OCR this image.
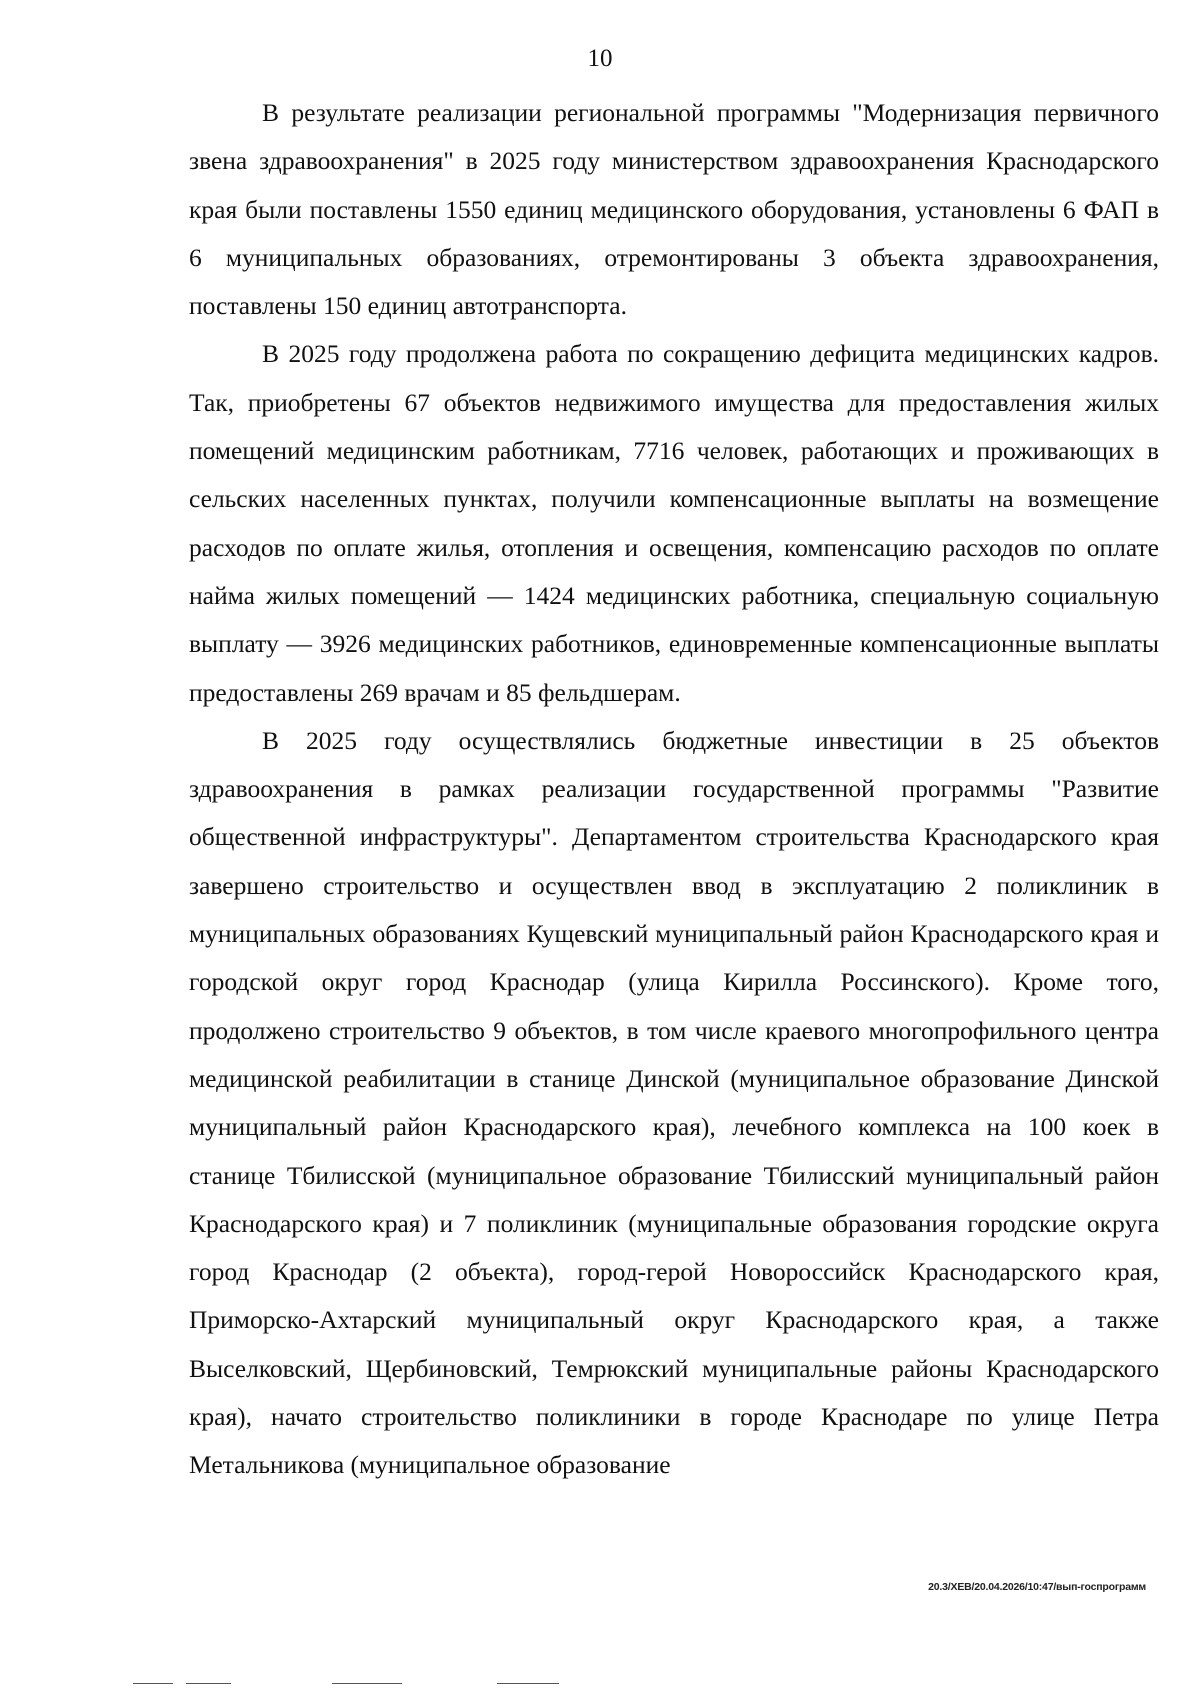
10

В результате реализации региональной программы "Модернизация первичного звена здравоохранения" в 2025 году министерством здравоохранения Краснодарского края были поставлены 1550 единиц медицинского оборудования, установлены 6 ФАП в 6 муниципальных образованиях, отремонтированы 3 объекта здравоохранения, поставлены 150 единиц автотранспорта.

В 2025 году продолжена работа по сокращению дефицита медицинских кадров. Так, приобретены 67 объектов недвижимого имущества для предоставления жилых помещений медицинским работникам, 7716 человек, работающих и проживающих в сельских населенных пунктах, получили компенсационные выплаты на возмещение расходов по оплате жилья, отопления и освещения, компенсацию расходов по оплате найма жилых помещений — 1424 медицинских работника, специальную социальную выплату — 3926 медицинских работников, единовременные компенсационные выплаты предоставлены 269 врачам и 85 фельдшерам.

В 2025 году осуществлялись бюджетные инвестиции в 25 объектов здравоохранения в рамках реализации государственной программы "Развитие общественной инфраструктуры". Департаментом строительства Краснодарского края завершено строительство и осуществлен ввод в эксплуатацию 2 поликлиник в муниципальных образованиях Кущевский муниципальный район Краснодарского края и городской округ город Краснодар (улица Кирилла Россинского). Кроме того, продолжено строительство 9 объектов, в том числе краевого многопрофильного центра медицинской реабилитации в станице Динской (муниципальное образование Динской муниципальный район Краснодарского края), лечебного комплекса на 100 коек в станице Тбилисской (муниципальное образование Тбилисский муниципальный район Краснодарского края) и 7 поликлиник (муниципальные образования городские округа город Краснодар (2 объекта), город-герой Новороссийск Краснодарского края, Приморско-Ахтарский муниципальный округ Краснодарского края, а также Выселковский, Щербиновский, Темрюкский муниципальные районы Краснодарского края), начато строительство поликлиники в городе Краснодаре по улице Петра Метальникова (муниципальное образование

20.3/ХЕВ/20.04.2026/10:47/вып-госпрограмм
